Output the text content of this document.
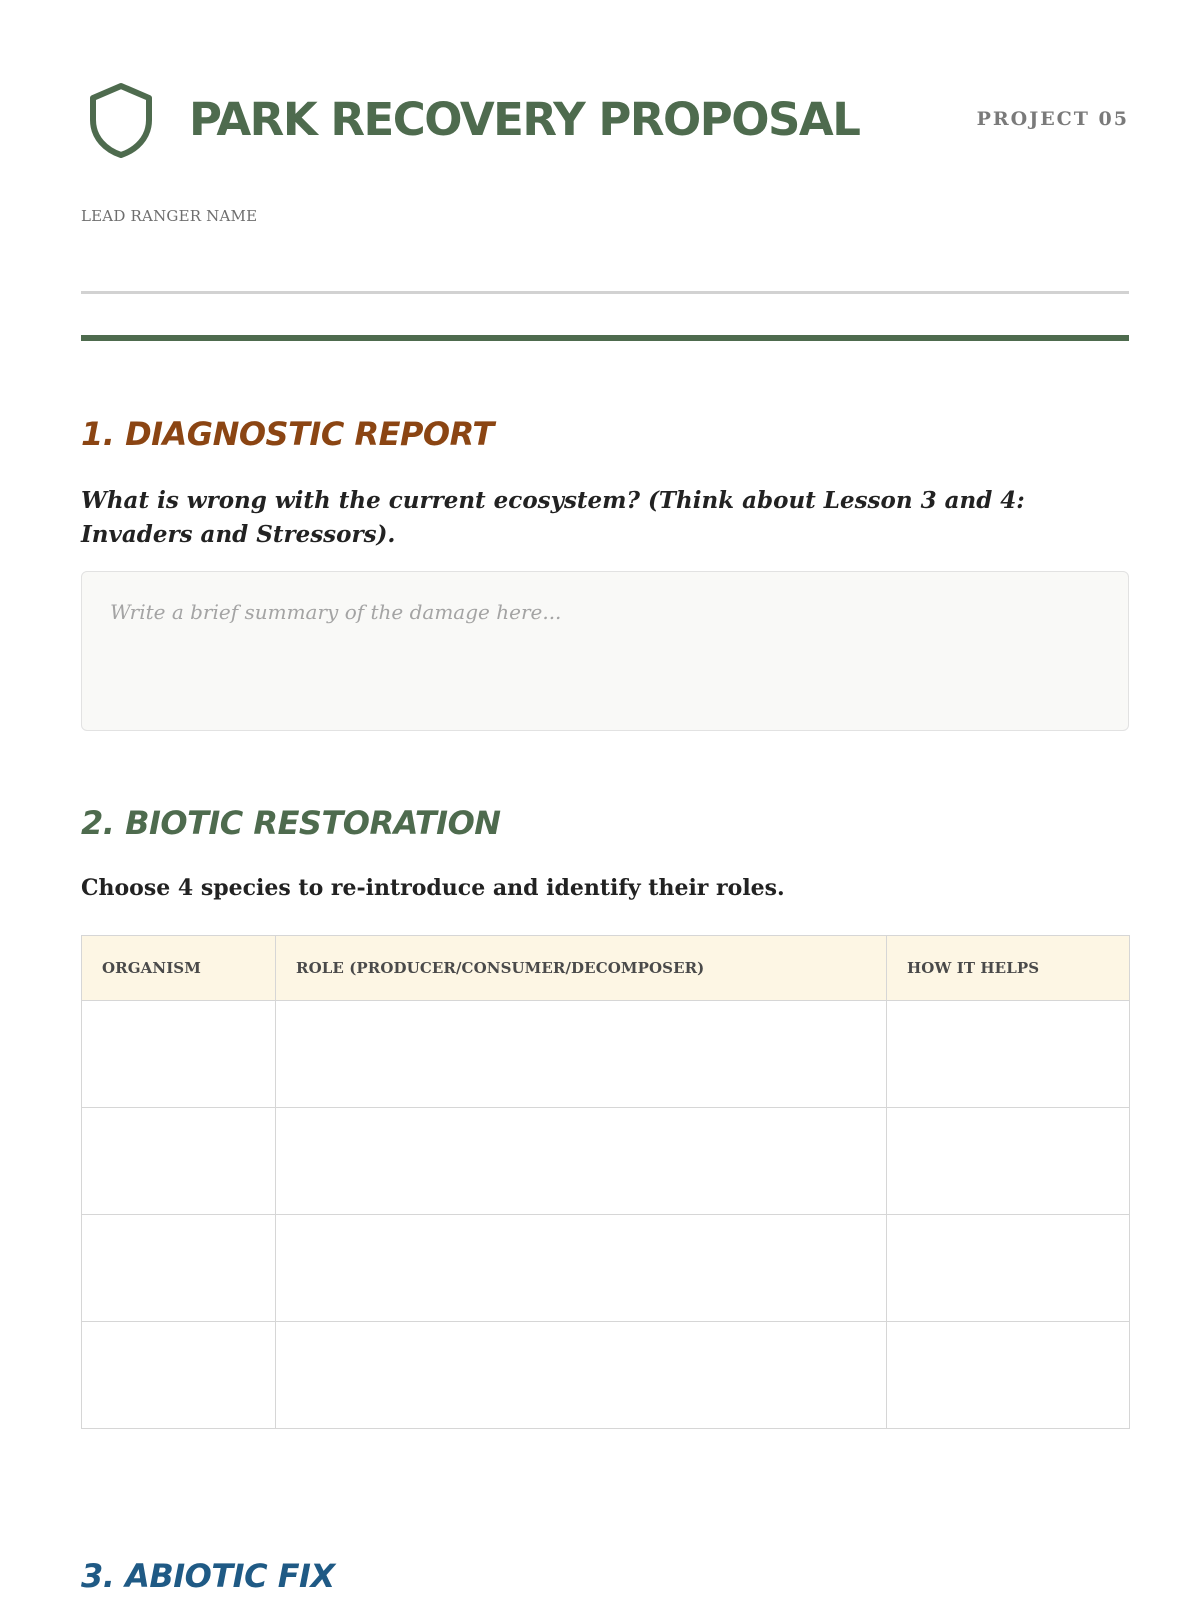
PARK RECOVERY PROPOSAL	PROJECT 05
LEAD RANGER NAME
1. DIAGNOSTIC REPORT
What is wrong with the current ecosystem? (Think about Lesson 3 and 4: Invaders and Stressors).
Write a brief summary of the damage here...
2. BIOTIC RESTORATION
Choose 4 species to re-introduce and identify their roles.
ORGANISM	ROLE (PRODUCER/CONSUMER/DECOMPOSER)	HOW IT HELPS

3. ABIOTIC FIX
